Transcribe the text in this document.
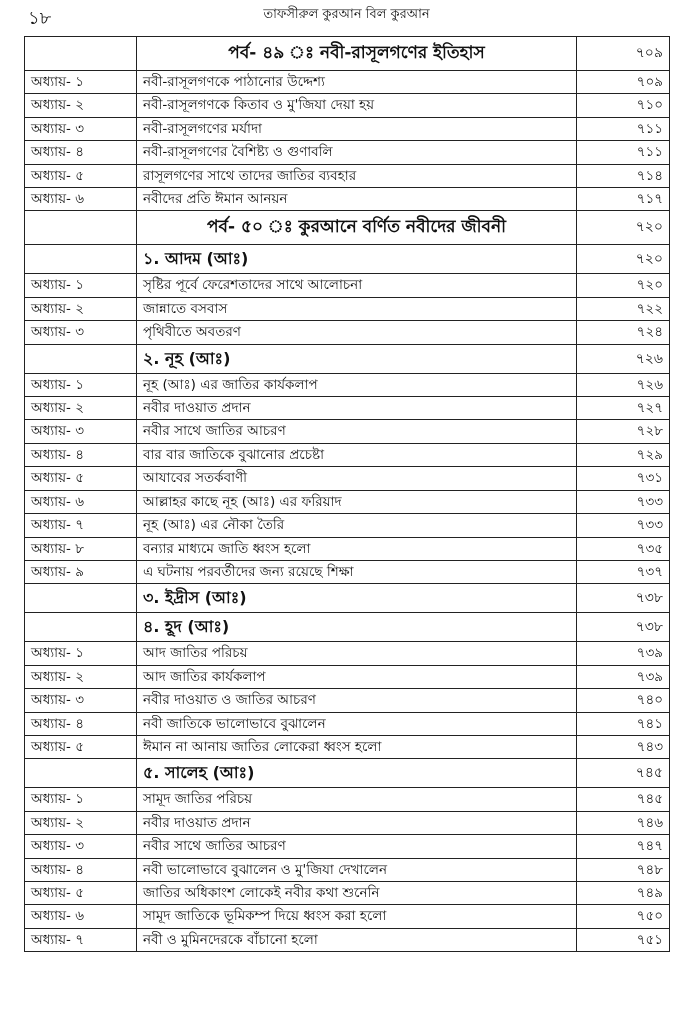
১৮	তাফসীরুল কুরআন বিল কুরআন
	পর্ব- ৪৯ ঃ নবী-রাসূলগণের ইতিহাস	৭০৯
অধ্যায়- ১	নবী-রাসূলগণকে পাঠানোর উদ্দেশ্য	৭০৯
অধ্যায়- ২	নবী-রাসূলগণকে কিতাব ও মু'জিযা দেয়া হয়	৭১০
অধ্যায়- ৩	নবী-রাসূলগণের মর্যাদা	৭১১
অধ্যায়- ৪	নবী-রাসূলগণের বৈশিষ্ট্য ও গুণাবলি	৭১১
অধ্যায়- ৫	রাসূলগণের সাথে তাদের জাতির ব্যবহার	৭১৪
অধ্যায়- ৬	নবীদের প্রতি ঈমান আনয়ন	৭১৭
	পর্ব- ৫০ ঃ কুরআনে বর্ণিত নবীদের জীবনী	৭২০
	১. আদম (আঃ)	৭২০
অধ্যায়- ১	সৃষ্টির পূর্বে ফেরেশতাদের সাথে আলোচনা	৭২০
অধ্যায়- ২	জান্নাতে বসবাস	৭২২
অধ্যায়- ৩	পৃথিবীতে অবতরণ	৭২৪
	২. নূহ (আঃ)	৭২৬
অধ্যায়- ১	নূহ (আঃ) এর জাতির কার্যকলাপ	৭২৬
অধ্যায়- ২	নবীর দাওয়াত প্রদান	৭২৭
অধ্যায়- ৩	নবীর সাথে জাতির আচরণ	৭২৮
অধ্যায়- ৪	বার বার জাতিকে বুঝানোর প্রচেষ্টা	৭২৯
অধ্যায়- ৫	আযাবের সতর্কবাণী	৭৩১
অধ্যায়- ৬	আল্লাহর কাছে নূহ (আঃ) এর ফরিয়াদ	৭৩৩
অধ্যায়- ৭	নূহ (আঃ) এর নৌকা তৈরি	৭৩৩
অধ্যায়- ৮	বন্যার মাধ্যমে জাতি ধ্বংস হলো	৭৩৫
অধ্যায়- ৯	এ ঘটনায় পরবর্তীদের জন্য রয়েছে শিক্ষা	৭৩৭
	৩. ইদ্রীস (আঃ)	৭৩৮
	৪. হূদ (আঃ)	৭৩৮
অধ্যায়- ১	আদ জাতির পরিচয়	৭৩৯
অধ্যায়- ২	আদ জাতির কার্যকলাপ	৭৩৯
অধ্যায়- ৩	নবীর দাওয়াত ও জাতির আচরণ	৭৪০
অধ্যায়- ৪	নবী জাতিকে ভালোভাবে বুঝালেন	৭৪১
অধ্যায়- ৫	ঈমান না আনায় জাতির লোকেরা ধ্বংস হলো	৭৪৩
	৫. সালেহ (আঃ)	৭৪৫
অধ্যায়- ১	সামূদ জাতির পরিচয়	৭৪৫
অধ্যায়- ২	নবীর দাওয়াত প্রদান	৭৪৬
অধ্যায়- ৩	নবীর সাথে জাতির আচরণ	৭৪৭
অধ্যায়- ৪	নবী ভালোভাবে বুঝালেন ও মু'জিযা দেখালেন	৭৪৮
অধ্যায়- ৫	জাতির অধিকাংশ লোকেই নবীর কথা শুনেনি	৭৪৯
অধ্যায়- ৬	সামূদ জাতিকে ভূমিকম্প দিয়ে ধ্বংস করা হলো	৭৫০
অধ্যায়- ৭	নবী ও মুমিনদেরকে বাঁচানো হলো	৭৫১
